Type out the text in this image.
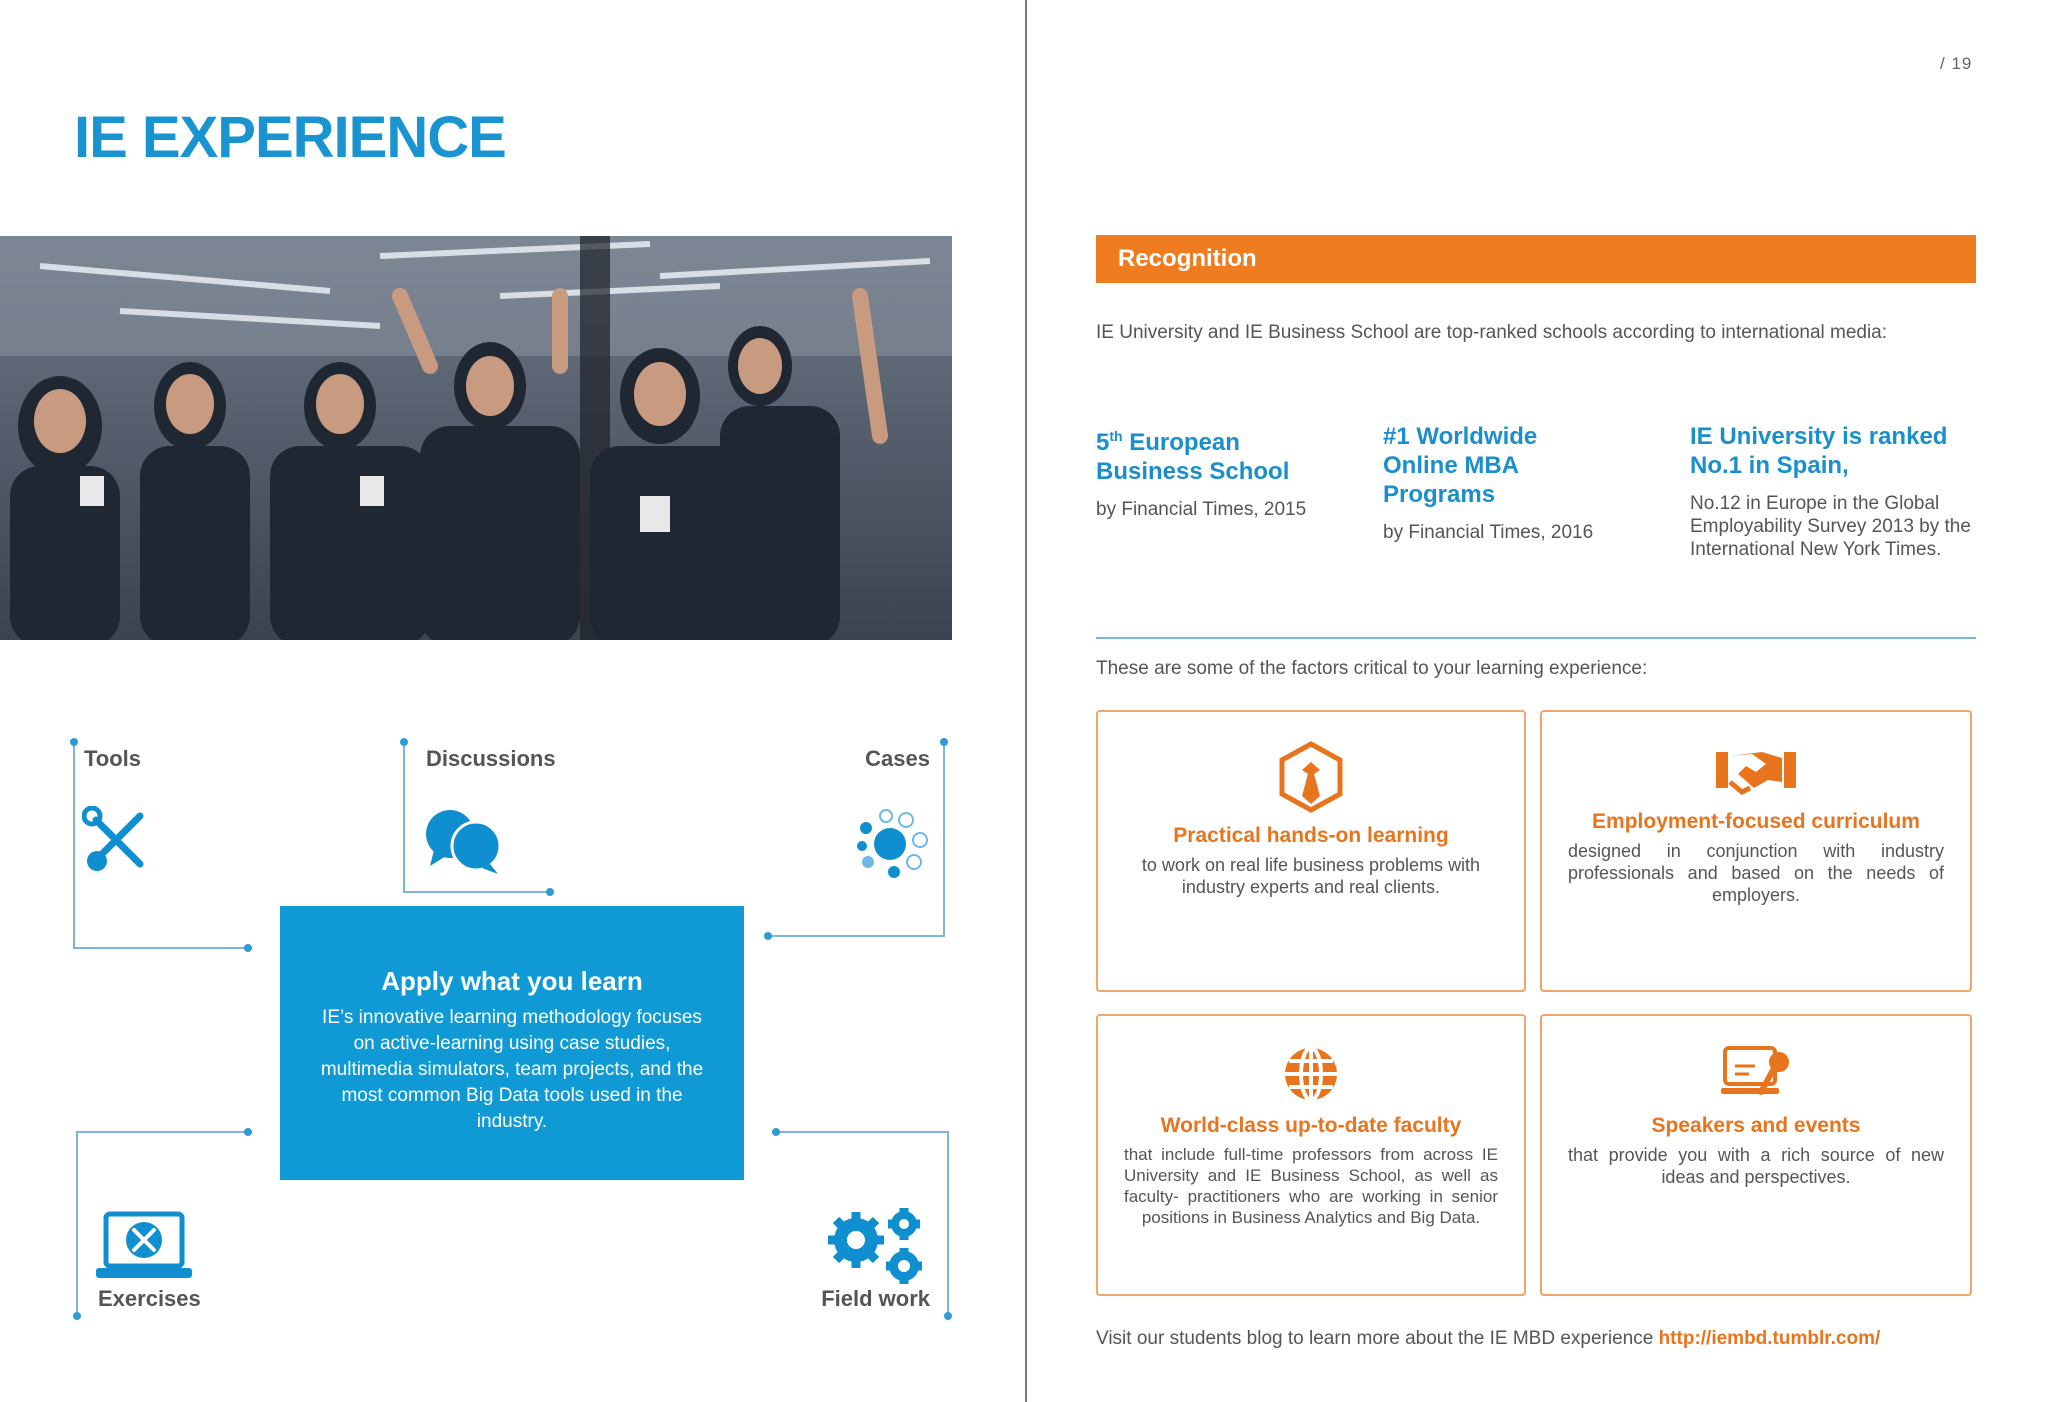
/ 19
IE EXPERIENCE
Tools	Discussions	Cases
Exercises	Field work
Apply what you learn
IE’s innovative learning methodology focuses on active-learning using case studies, multimedia simulators, team projects, and the most common Big Data tools used in the industry.
Recognition
IE University and IE Business School are top-ranked schools according to international media:
5th European Business School
by Financial Times, 2015
#1 Worldwide Online MBA Programs
by Financial Times, 2016
IE University is ranked No.1 in Spain,
No.12 in Europe in the Global Employability Survey 2013 by the International New York Times.
These are some of the factors critical to your learning experience:
Practical hands-on learning
to work on real life business problems with industry experts and real clients.
Employment-focused curriculum
designed in conjunction with industry professionals and based on the needs of employers.
World-class up-to-date faculty
that include full-time professors from across IE University and IE Business School, as well as faculty- practitioners who are working in senior positions in Business Analytics and Big Data.
Speakers and events
that provide you with a rich source of new ideas and perspectives.
Visit our students blog to learn more about the IE MBD experience http://iembd.tumblr.com/
